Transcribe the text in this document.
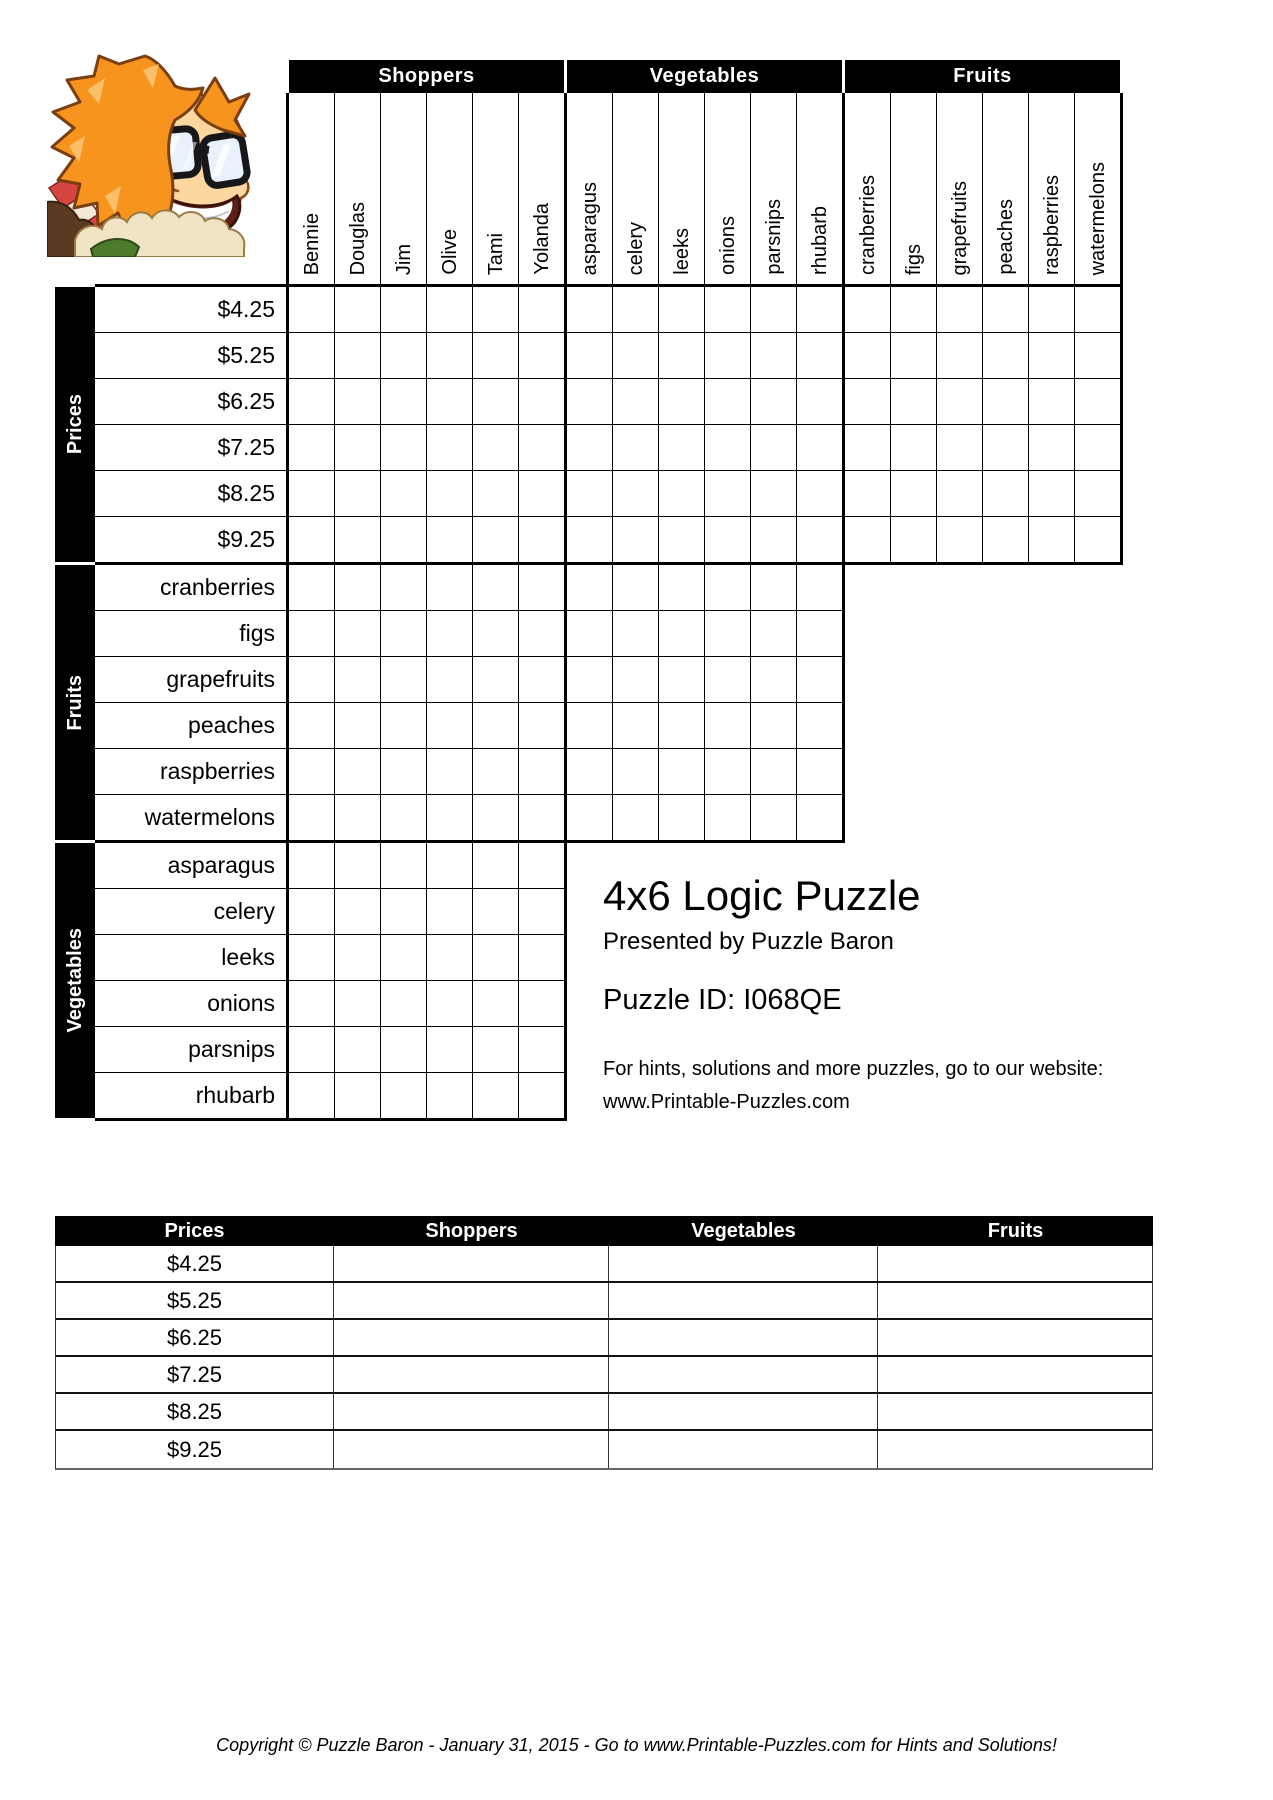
Shoppers
Bennie Douglas Jim Olive Tami Yolanda
Vegetables
asparagus celery leeks onions parsnips rhubarb
Fruits
cranberries figs grapefruits peaches raspberries watermelons
Prices
$4.25
$5.25
$6.25
$7.25
$8.25
$9.25
Fruits
cranberries
figs
grapefruits
peaches
raspberries
watermelons
Vegetables
asparagus
celery
leeks
onions
parsnips
rhubarb
4x6 Logic Puzzle
Presented by Puzzle Baron
Puzzle ID: I068QE
For hints, solutions and more puzzles, go to our website:
www.Printable-Puzzles.com
Prices	Shoppers	Vegetables	Fruits
$4.25
$5.25
$6.25
$7.25
$8.25
$9.25
Copyright © Puzzle Baron - January 31, 2015 - Go to www.Printable-Puzzles.com for Hints and Solutions!
